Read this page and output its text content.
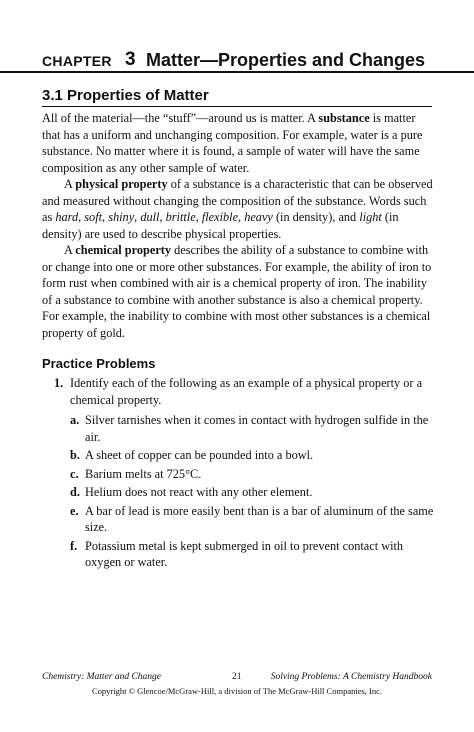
CHAPTER 3 Matter—Properties and Changes
3.1 Properties of Matter

All of the material—the “stuff”—around us is matter. A substance is matter that has a uniform and unchanging composition. For example, water is a pure substance. No matter where it is found, a sample of water will have the same composition as any other sample of water.

A physical property of a substance is a characteristic that can be observed and measured without changing the composition of the substance. Words such as hard, soft, shiny, dull, brittle, flexible, heavy (in density), and light (in density) are used to describe physical properties.

A chemical property describes the ability of a substance to combine with or change into one or more other substances. For example, the ability of iron to form rust when combined with air is a chemical property of iron. The inability of a substance to combine with another substance is also a chemical property. For example, the inability to combine with most other substances is a chemical property of gold.

Practice Problems
1. Identify each of the following as an example of a physical property or a chemical property.
a. Silver tarnishes when it comes in contact with hydrogen sulfide in the air.
b. A sheet of copper can be pounded into a bowl.
c. Barium melts at 725°C.
d. Helium does not react with any other element.
e. A bar of lead is more easily bent than is a bar of aluminum of the same size.
f. Potassium metal is kept submerged in oil to prevent contact with oxygen or water.
Chemistry: Matter and Change	21	Solving Problems: A Chemistry Handbook
Copyright © Glencoe/McGraw-Hill, a division of The McGraw-Hill Companies, Inc.
